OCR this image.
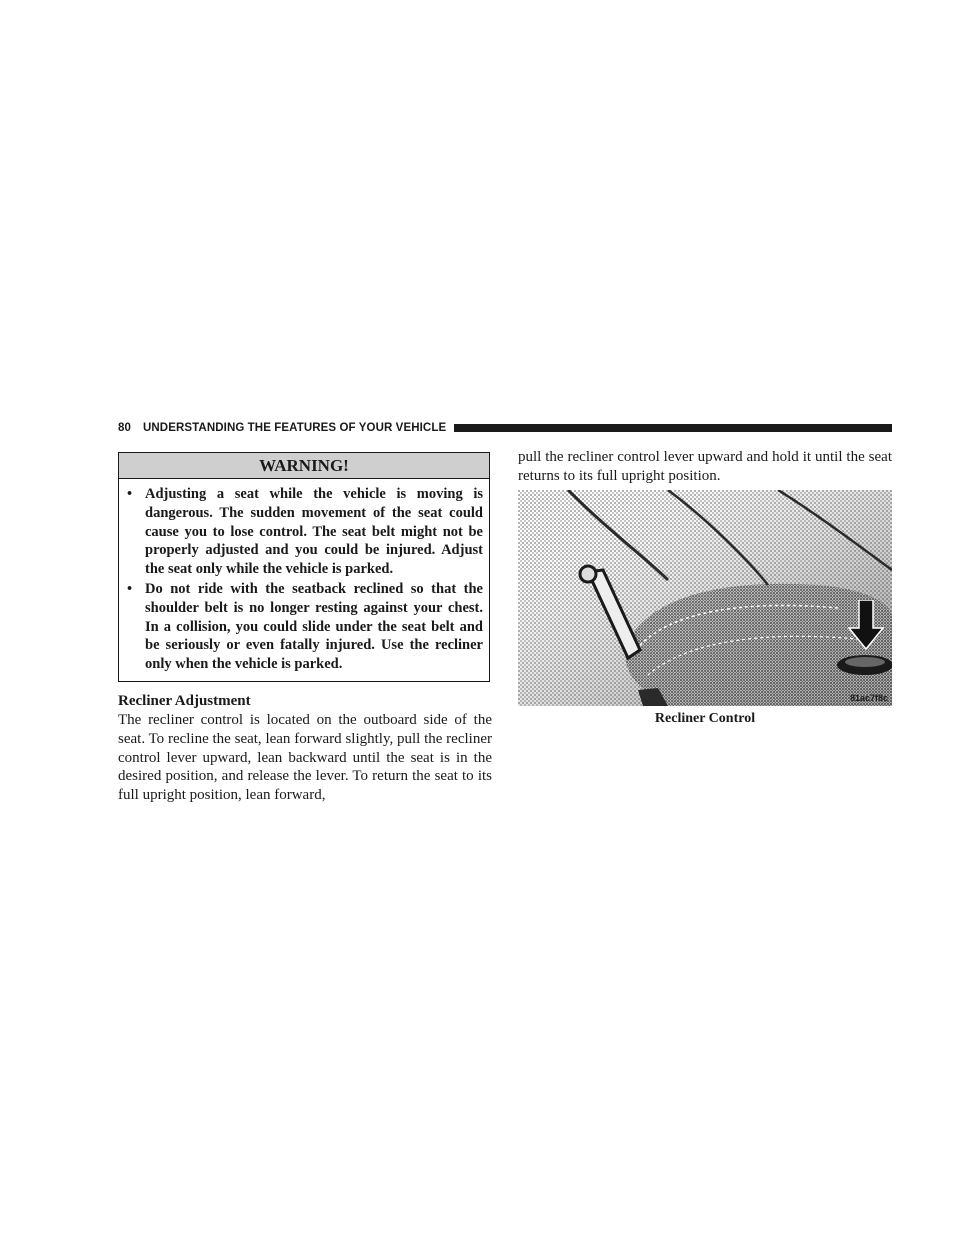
80 UNDERSTANDING THE FEATURES OF YOUR VEHICLE
WARNING!
• Adjusting a seat while the vehicle is moving is dangerous. The sudden movement of the seat could cause you to lose control. The seat belt might not be properly adjusted and you could be injured. Adjust the seat only while the vehicle is parked.
• Do not ride with the seatback reclined so that the shoulder belt is no longer resting against your chest. In a collision, you could slide under the seat belt and be seriously or even fatally injured. Use the recliner only when the vehicle is parked.
Recliner Adjustment

The recliner control is located on the outboard side of the seat. To recline the seat, lean forward slightly, pull the recliner control lever upward, lean backward until the seat is in the desired position, and release the lever. To return the seat to its full upright position, lean forward,

pull the recliner control lever upward and hold it until the seat returns to its full upright position.

81ac7f8c
Recliner Control
